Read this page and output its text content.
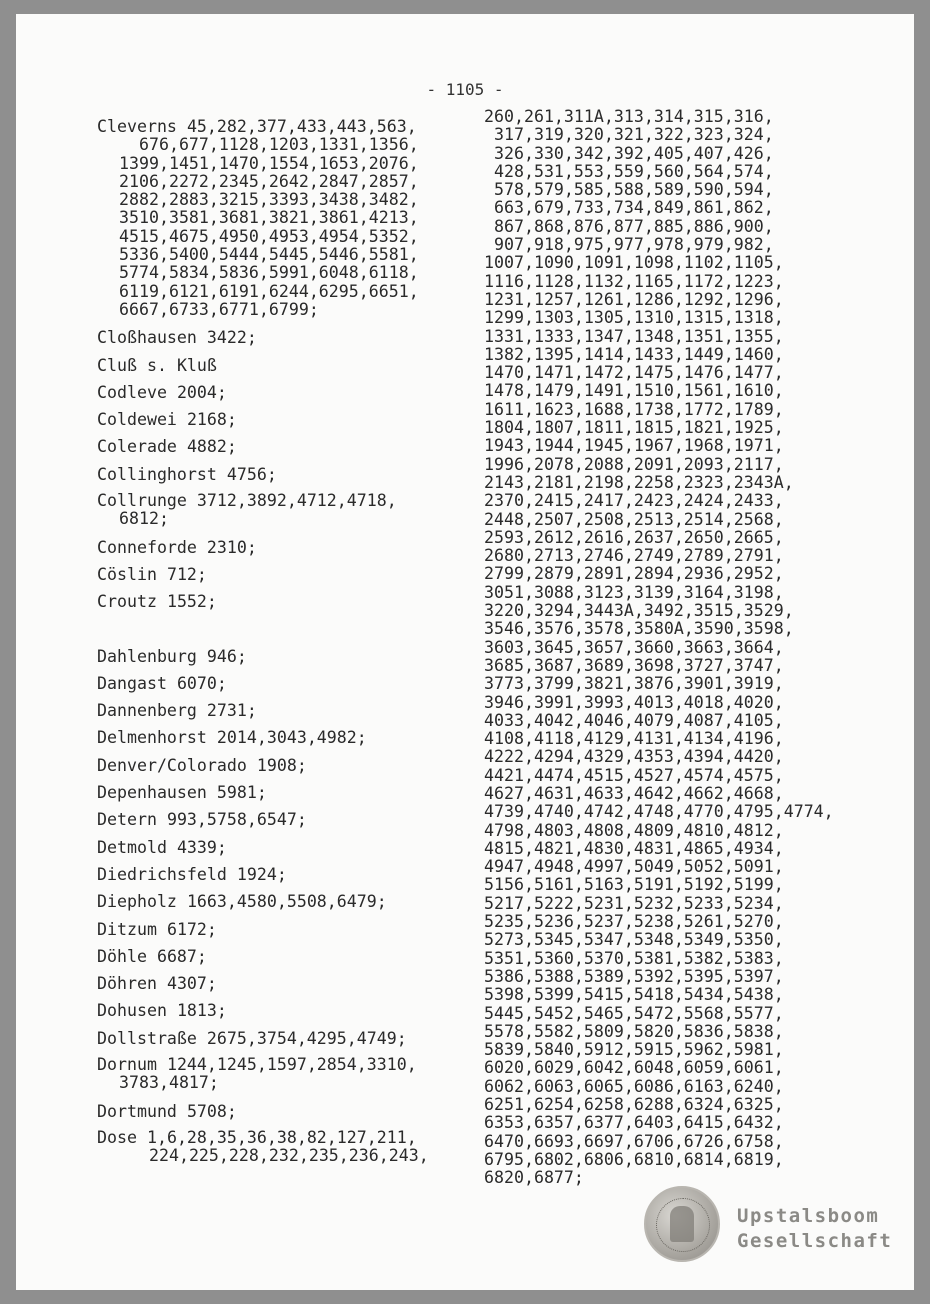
- 1105 -
Cleverns 45,282,377,433,443,563,
676,677,1128,1203,1331,1356,
1399,1451,1470,1554,1653,2076,
2106,2272,2345,2642,2847,2857,
2882,2883,3215,3393,3438,3482,
3510,3581,3681,3821,3861,4213,
4515,4675,4950,4953,4954,5352,
5336,5400,5444,5445,5446,5581,
5774,5834,5836,5991,6048,6118,
6119,6121,6191,6244,6295,6651,
6667,6733,6771,6799;
Cloßhausen 3422;
Cluß s. Kluß
Codleve 2004;
Coldewei 2168;
Colerade 4882;
Collinghorst 4756;
Collrunge 3712,3892,4712,4718,
6812;
Conneforde 2310;
Cöslin 712;
Croutz 1552;
Dahlenburg 946;
Dangast 6070;
Dannenberg 2731;
Delmenhorst 2014,3043,4982;
Denver/Colorado 1908;
Depenhausen 5981;
Detern 993,5758,6547;
Detmold 4339;
Diedrichsfeld 1924;
Diepholz 1663,4580,5508,6479;
Ditzum 6172;
Döhle 6687;
Döhren 4307;
Dohusen 1813;
Dollstraße 2675,3754,4295,4749;
Dornum 1244,1245,1597,2854,3310,
3783,4817;
Dortmund 5708;
Dose 1,6,28,35,36,38,82,127,211,
224,225,228,232,235,236,243,
260,261,311A,313,314,315,316,
317,319,320,321,322,323,324,
326,330,342,392,405,407,426,
428,531,553,559,560,564,574,
578,579,585,588,589,590,594,
663,679,733,734,849,861,862,
867,868,876,877,885,886,900,
907,918,975,977,978,979,982,
1007,1090,1091,1098,1102,1105,
1116,1128,1132,1165,1172,1223,
1231,1257,1261,1286,1292,1296,
1299,1303,1305,1310,1315,1318,
1331,1333,1347,1348,1351,1355,
1382,1395,1414,1433,1449,1460,
1470,1471,1472,1475,1476,1477,
1478,1479,1491,1510,1561,1610,
1611,1623,1688,1738,1772,1789,
1804,1807,1811,1815,1821,1925,
1943,1944,1945,1967,1968,1971,
1996,2078,2088,2091,2093,2117,
2143,2181,2198,2258,2323,2343A,
2370,2415,2417,2423,2424,2433,
2448,2507,2508,2513,2514,2568,
2593,2612,2616,2637,2650,2665,
2680,2713,2746,2749,2789,2791,
2799,2879,2891,2894,2936,2952,
3051,3088,3123,3139,3164,3198,
3220,3294,3443A,3492,3515,3529,
3546,3576,3578,3580A,3590,3598,
3603,3645,3657,3660,3663,3664,
3685,3687,3689,3698,3727,3747,
3773,3799,3821,3876,3901,3919,
3946,3991,3993,4013,4018,4020,
4033,4042,4046,4079,4087,4105,
4108,4118,4129,4131,4134,4196,
4222,4294,4329,4353,4394,4420,
4421,4474,4515,4527,4574,4575,
4627,4631,4633,4642,4662,4668,
4739,4740,4742,4748,4770,4795,4774,
4798,4803,4808,4809,4810,4812,
4815,4821,4830,4831,4865,4934,
4947,4948,4997,5049,5052,5091,
5156,5161,5163,5191,5192,5199,
5217,5222,5231,5232,5233,5234,
5235,5236,5237,5238,5261,5270,
5273,5345,5347,5348,5349,5350,
5351,5360,5370,5381,5382,5383,
5386,5388,5389,5392,5395,5397,
5398,5399,5415,5418,5434,5438,
5445,5452,5465,5472,5568,5577,
5578,5582,5809,5820,5836,5838,
5839,5840,5912,5915,5962,5981,
6020,6029,6042,6048,6059,6061,
6062,6063,6065,6086,6163,6240,
6251,6254,6258,6288,6324,6325,
6353,6357,6377,6403,6415,6432,
6470,6693,6697,6706,6726,6758,
6795,6802,6806,6810,6814,6819,
6820,6877;
Upstalsboom
Gesellschaft
